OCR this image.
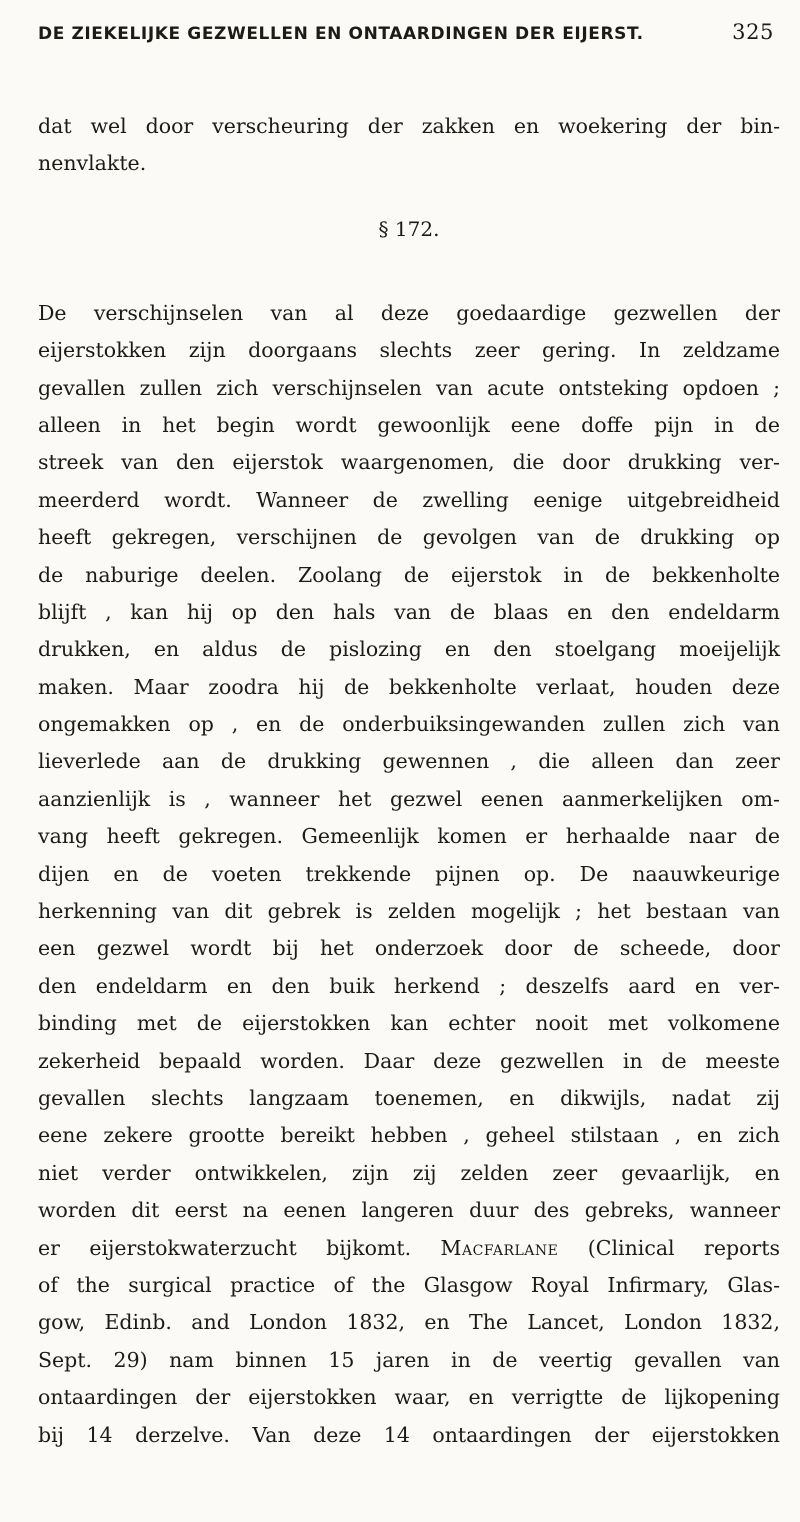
DE ZIEKELIJKE GEZWELLEN EN ONTAARDINGEN DER EIJERST.	325
dat wel door verscheuring der zakken en woekering der bin-
nenvlakte.
§ 172.
De verschijnselen van al deze goedaardige gezwellen der
eijerstokken zijn doorgaans slechts zeer gering. In zeldzame
gevallen zullen zich verschijnselen van acute ontsteking opdoen ;
alleen in het begin wordt gewoonlijk eene doffe pijn in de
streek van den eijerstok waargenomen, die door drukking ver-
meerderd wordt. Wanneer de zwelling eenige uitgebreidheid
heeft gekregen, verschijnen de gevolgen van de drukking op
de naburige deelen. Zoolang de eijerstok in de bekkenholte
blijft , kan hij op den hals van de blaas en den endeldarm
drukken, en aldus de pislozing en den stoelgang moeijelijk
maken. Maar zoodra hij de bekkenholte verlaat, houden deze
ongemakken op , en de onderbuiksingewanden zullen zich van
lieverlede aan de drukking gewennen , die alleen dan zeer
aanzienlijk is , wanneer het gezwel eenen aanmerkelijken om-
vang heeft gekregen. Gemeenlijk komen er herhaalde naar de
dijen en de voeten trekkende pijnen op. De naauwkeurige
herkenning van dit gebrek is zelden mogelijk ; het bestaan van
een gezwel wordt bij het onderzoek door de scheede, door
den endeldarm en den buik herkend ; deszelfs aard en ver-
binding met de eijerstokken kan echter nooit met volkomene
zekerheid bepaald worden. Daar deze gezwellen in de meeste
gevallen slechts langzaam toenemen, en dikwijls, nadat zij
eene zekere grootte bereikt hebben , geheel stilstaan , en zich
niet verder ontwikkelen, zijn zij zelden zeer gevaarlijk, en
worden dit eerst na eenen langeren duur des gebreks, wanneer
er eijerstokwaterzucht bijkomt. Macfarlane (Clinical reports
of the surgical practice of the Glasgow Royal Infirmary, Glas-
gow, Edinb. and London 1832, en The Lancet, London 1832,
Sept. 29) nam binnen 15 jaren in de veertig gevallen van
ontaardingen der eijerstokken waar, en verrigtte de lijkopening
bij 14 derzelve. Van deze 14 ontaardingen der eijerstokken
